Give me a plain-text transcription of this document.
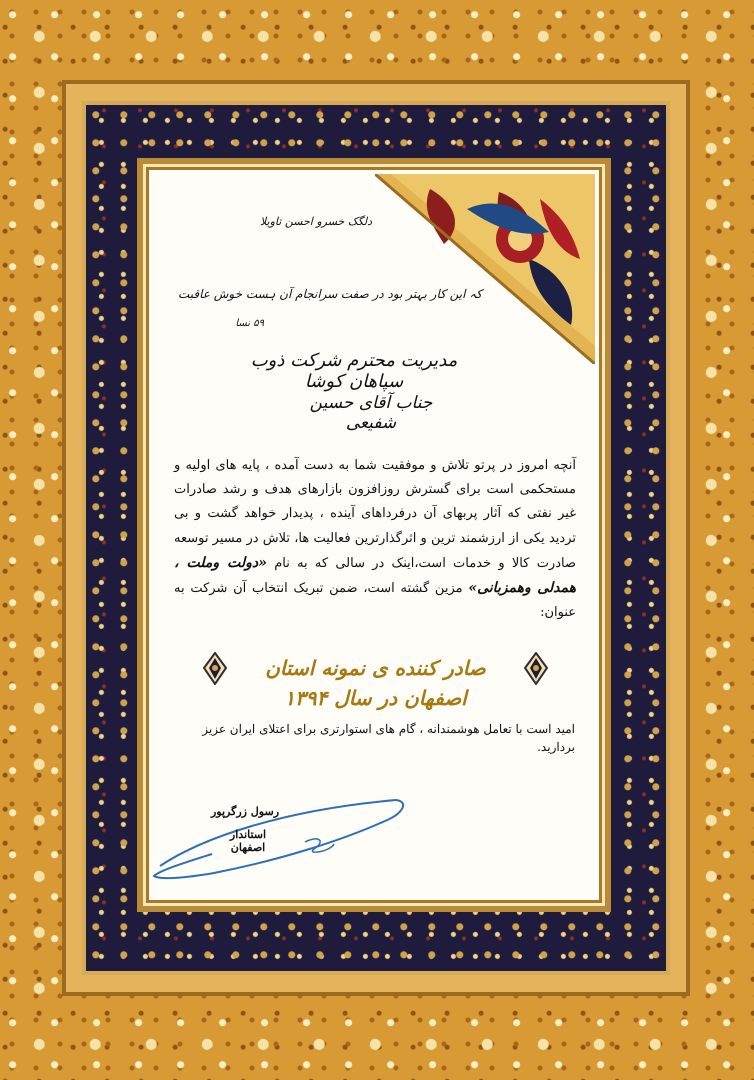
دلگک خسرو احسن تاویلا
کہ این کار بہتر بود در صفت
سرانجام آن ہست خوش عاقبت
۵۹ نسا
مدیریت محترم شرکت ذوب سپاهان کوشا
جناب آقای حسین شفیعی
آنچه امروز در پرتو تلاش و موفقیت شما به دست آمده ، پایه های اولیه و مستحکمی است برای گسترش روزافزون بازارهای هدف و رشد صادرات غیر نفتی که آثار پربهای آن درفرداهای آینده ، پدیدار خواهد گشت و بی تردید یکی از ارزشمند ترین و اثرگذارترین فعالیت ها، تلاش در مسیر توسعه صادرت کالا و خدمات است،اینک در سالی که به نام «دولت وملت ، همدلی وهمزبانی» مزین گشته است، ضمن تبریک انتخاب آن شرکت به عنوان:
صادر کننده ی نمونه استان اصفهان در سال ۱۳۹۴
امید است با تعامل هوشمندانه ، گام های استوارتری برای اعتلای ایران عزیز بردارید.
رسول زرگرپور
استاندار اصفهان
